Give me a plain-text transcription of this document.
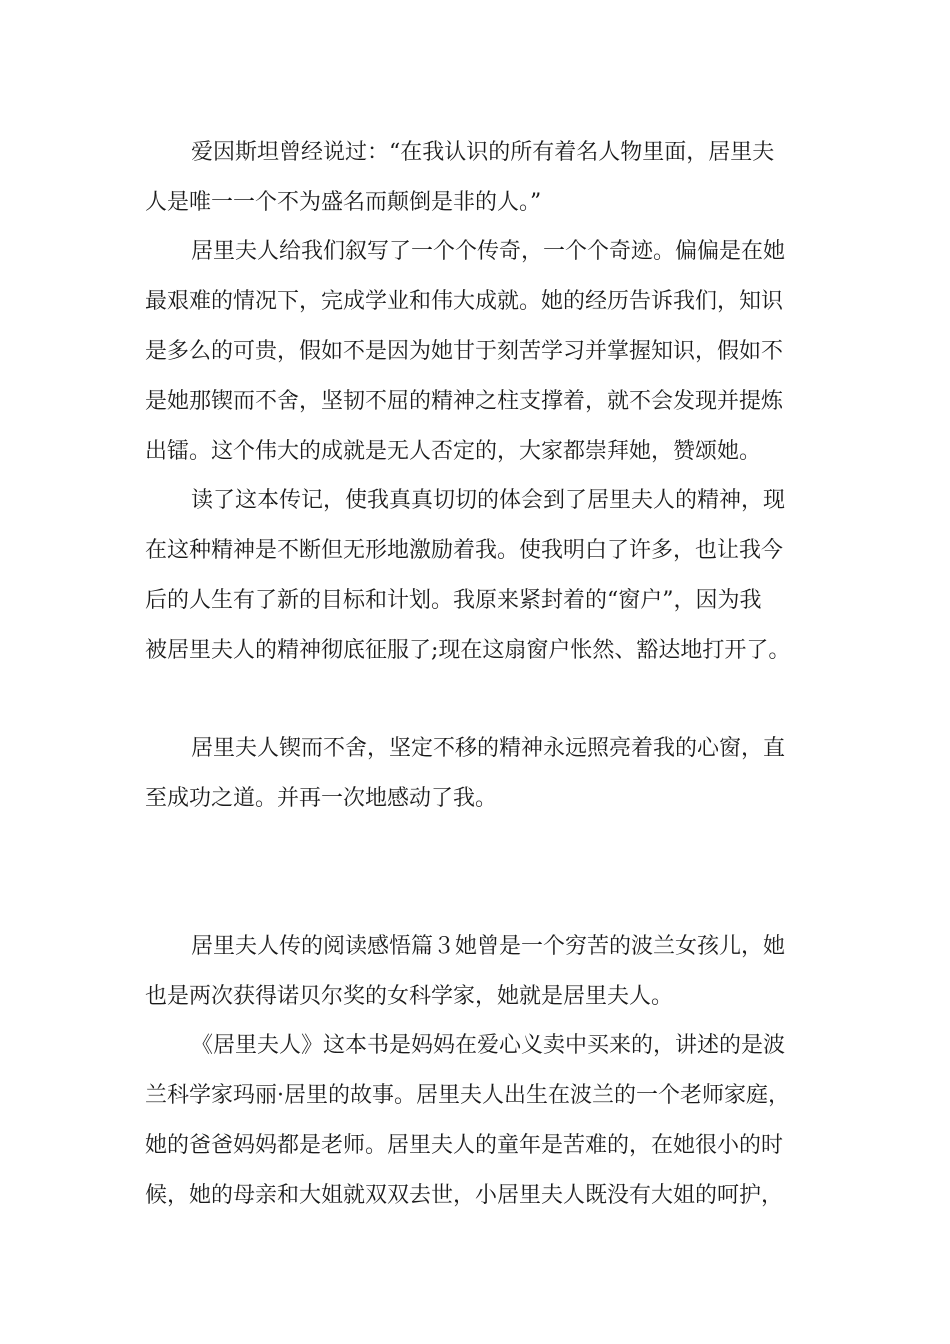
爱因斯坦曾经说过：“在我认识的所有着名人物里面，居里夫
人是唯一一个不为盛名而颠倒是非的人。”

居里夫人给我们叙写了一个个传奇，一个个奇迹。偏偏是在她
最艰难的情况下，完成学业和伟大成就。她的经历告诉我们，知识
是多么的可贵，假如不是因为她甘于刻苦学习并掌握知识，假如不
是她那锲而不舍，坚韧不屈的精神之柱支撑着，就不会发现并提炼
出镭。这个伟大的成就是无人否定的，大家都崇拜她，赞颂她。

读了这本传记，使我真真切切的体会到了居里夫人的精神，现
在这种精神是不断但无形地激励着我。使我明白了许多，也让我今
后的人生有了新的目标和计划。我原来紧封着的“窗户”，因为我
被居里夫人的精神彻底征服了;现在这扇窗户怅然、豁达地打开了。

居里夫人锲而不舍，坚定不移的精神永远照亮着我的心窗，直
至成功之道。并再一次地感动了我。

居里夫人传的阅读感悟篇３她曾是一个穷苦的波兰女孩儿，她
也是两次获得诺贝尔奖的女科学家，她就是居里夫人。

《居里夫人》这本书是妈妈在爱心义卖中买来的，讲述的是波
兰科学家玛丽·居里的故事。居里夫人出生在波兰的一个老师家庭，
她的爸爸妈妈都是老师。居里夫人的童年是苦难的，在她很小的时
候，她的母亲和大姐就双双去世，小居里夫人既没有大姐的呵护，
